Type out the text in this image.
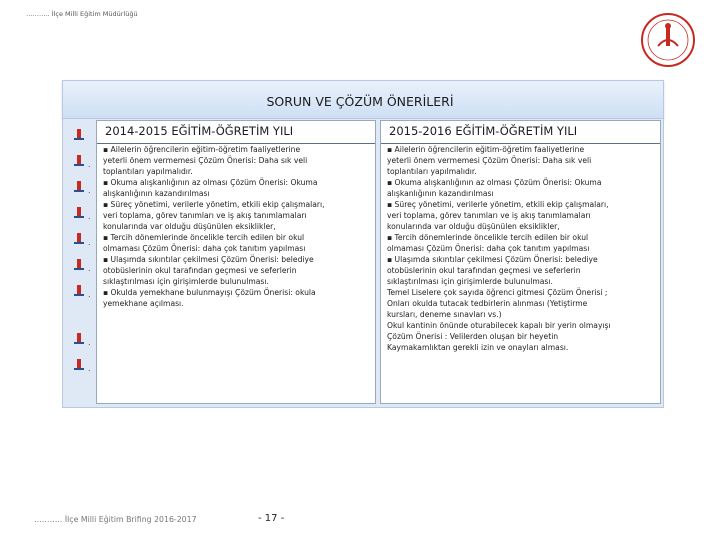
……….. İlçe Milli Eğitim Müdürlüğü
SORUN VE ÇÖZÜM ÖNERİLERİ
.
.
.
.
.
.
.
.
2014-2015 EĞİTİM-ÖĞRETİM YILI

▪ Ailelerin öğrencilerin eğitim-öğretim faaliyetlerine

yeterli önem vermemesi Çözüm Önerisi: Daha sık veli

toplantıları yapılmalıdır.

▪ Okuma alışkanlığının az olması Çözüm Önerisi: Okuma

alışkanlığının kazandırılması

▪ Süreç yönetimi, verilerle yönetim, etkili ekip çalışmaları,

veri toplama, görev tanımları ve iş akış tanımlamaları

konularında var olduğu düşünülen eksiklikler,

▪ Tercih dönemlerinde öncelikle tercih edilen bir okul

olmaması Çözüm Önerisi: daha çok tanıtım yapılması

▪ Ulaşımda sıkıntılar çekilmesi Çözüm Önerisi: belediye

otobüslerinin okul tarafından geçmesi ve seferlerin

sıklaştırılması için girişimlerde bulunulması.

▪ Okulda yemekhane bulunmayışı Çözüm Önerisi: okula

yemekhane açılması.

2015-2016 EĞİTİM-ÖĞRETİM YILI

▪ Ailelerin öğrencilerin eğitim-öğretim faaliyetlerine

yeterli önem vermemesi Çözüm Önerisi: Daha sık veli

toplantıları yapılmalıdır.

▪ Okuma alışkanlığının az olması Çözüm Önerisi: Okuma

alışkanlığının kazandırılması

▪ Süreç yönetimi, verilerle yönetim, etkili ekip çalışmaları,

veri toplama, görev tanımları ve iş akış tanımlamaları

konularında var olduğu düşünülen eksiklikler,

▪ Tercih dönemlerinde öncelikle tercih edilen bir okul

olmaması Çözüm Önerisi: daha çok tanıtım yapılması

▪ Ulaşımda sıkıntılar çekilmesi Çözüm Önerisi: belediye

otobüslerinin okul tarafından geçmesi ve seferlerin

sıklaştırılması için girişimlerde bulunulması.

Temel Liselere çok sayıda öğrenci gitmesi Çözüm Önerisi ;

Onları okulda tutacak tedbirlerin alınması (Yetiştirme

kursları, deneme sınavları vs.)

Okul kantinin önünde oturabilecek kapalı bir yerin olmayışı

Çözüm Önerisi : Velilerden oluşan bir heyetin

Kaymakamlıktan gerekli izin ve onayları alması.

……….. İlçe Milli Eğitim Brifing 2016-2017	- 17 -
